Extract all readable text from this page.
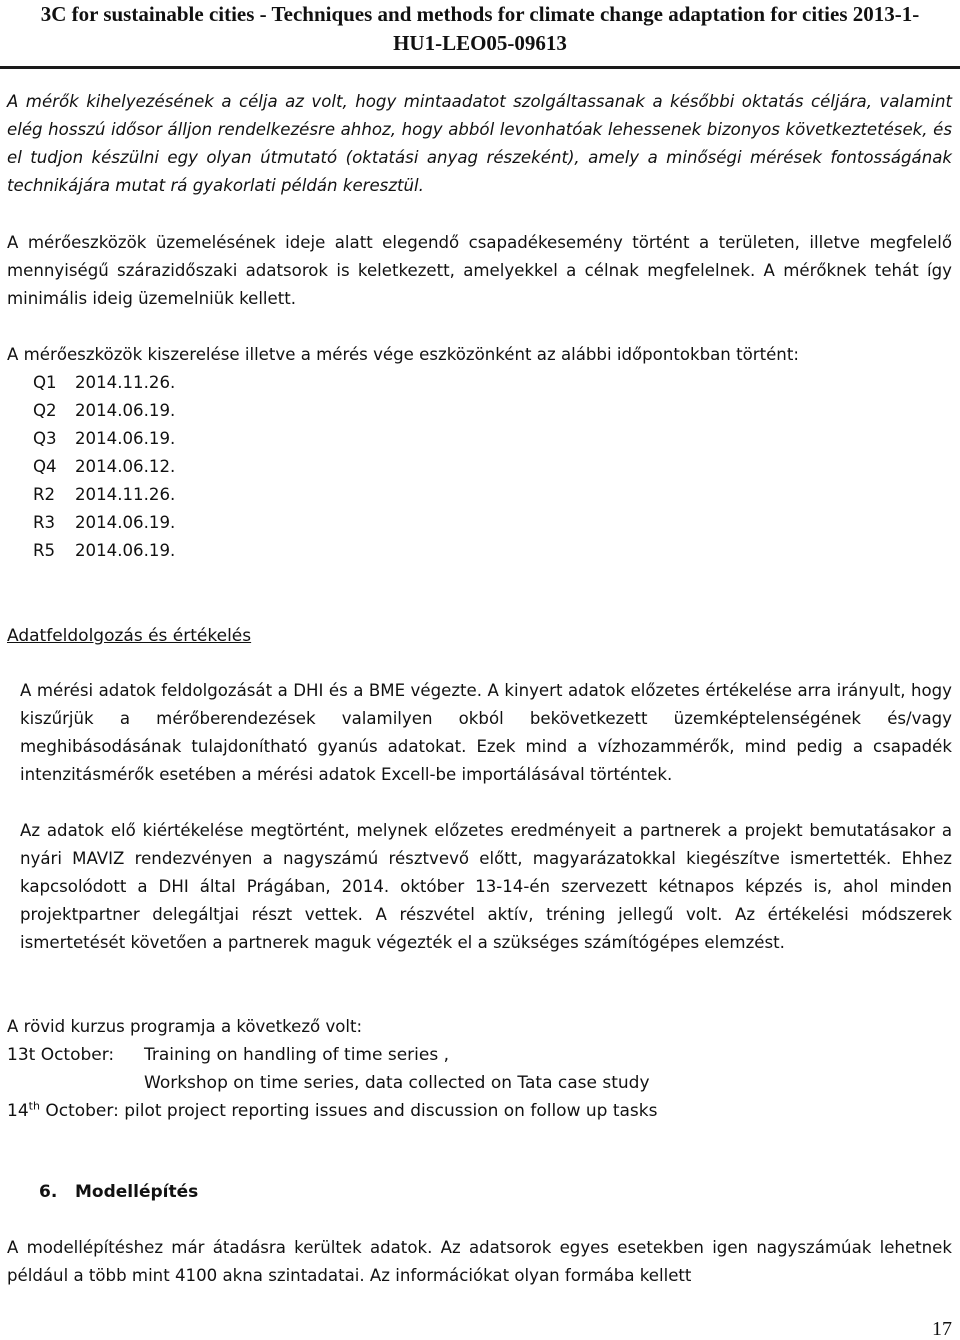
3C for sustainable cities - Techniques and methods for climate change adaptation for cities 2013-1-
HU1-LEO05-09613
A mérők kihelyezésének a célja az volt, hogy mintaadatot szolgáltassanak a későbbi oktatás céljára, valamint elég hosszú idősor álljon rendelkezésre ahhoz, hogy abból levonhatóak lehessenek bizonyos következtetések, és el tudjon készülni egy olyan útmutató (oktatási anyag részeként), amely a minőségi mérések fontosságának technikájára mutat rá gyakorlati példán keresztül.
A mérőeszközök üzemelésének ideje alatt elegendő csapadékesemény történt a területen, illetve megfelelő mennyiségű szárazidőszaki adatsorok is keletkezett, amelyekkel a célnak megfelelnek. A mérőknek tehát így minimális ideig üzemelniük kellett.
A mérőeszközök kiszerelése illetve a mérés vége eszközönként az alábbi időpontokban történt:
Q1	2014.11.26.
Q2	2014.06.19.
Q3	2014.06.19.
Q4	2014.06.12.
R2	2014.11.26.
R3	2014.06.19.
R5	2014.06.19.
Adatfeldolgozás és értékelés
A mérési adatok feldolgozását a DHI és a BME végezte. A kinyert adatok előzetes értékelése arra irányult, hogy kiszűrjük a mérőberendezések valamilyen okból bekövetkezett üzemképtelenségének és/vagy meghibásodásának tulajdonítható gyanús adatokat. Ezek mind a vízhozammérők, mind pedig a csapadék intenzitásmérők esetében a mérési adatok Excell-be importálásával történtek.
Az adatok elő kiértékelése megtörtént, melynek előzetes eredményeit a partnerek a projekt bemutatásakor a nyári MAVIZ rendezvényen a nagyszámú résztvevő előtt, magyarázatokkal kiegészítve ismertették. Ehhez kapcsolódott a DHI által Prágában, 2014. október 13-14-én szervezett kétnapos képzés is, ahol minden projektpartner delegáltjai részt vettek. A részvétel aktív, tréning jellegű volt. Az értékelési módszerek ismertetését követően a partnerek maguk végezték el a szükséges számítógépes elemzést.
A rövid kurzus programja a következő volt:
13t October: Training on handling of time series ,
Workshop on time series, data collected on Tata case study
14th October: pilot project reporting issues and discussion on follow up tasks
6. Modellépítés
A modellépítéshez már átadásra kerültek adatok. Az adatsorok egyes esetekben igen nagyszámúak lehetnek például a több mint 4100 akna szintadatai. Az információkat olyan formába kellett
17
